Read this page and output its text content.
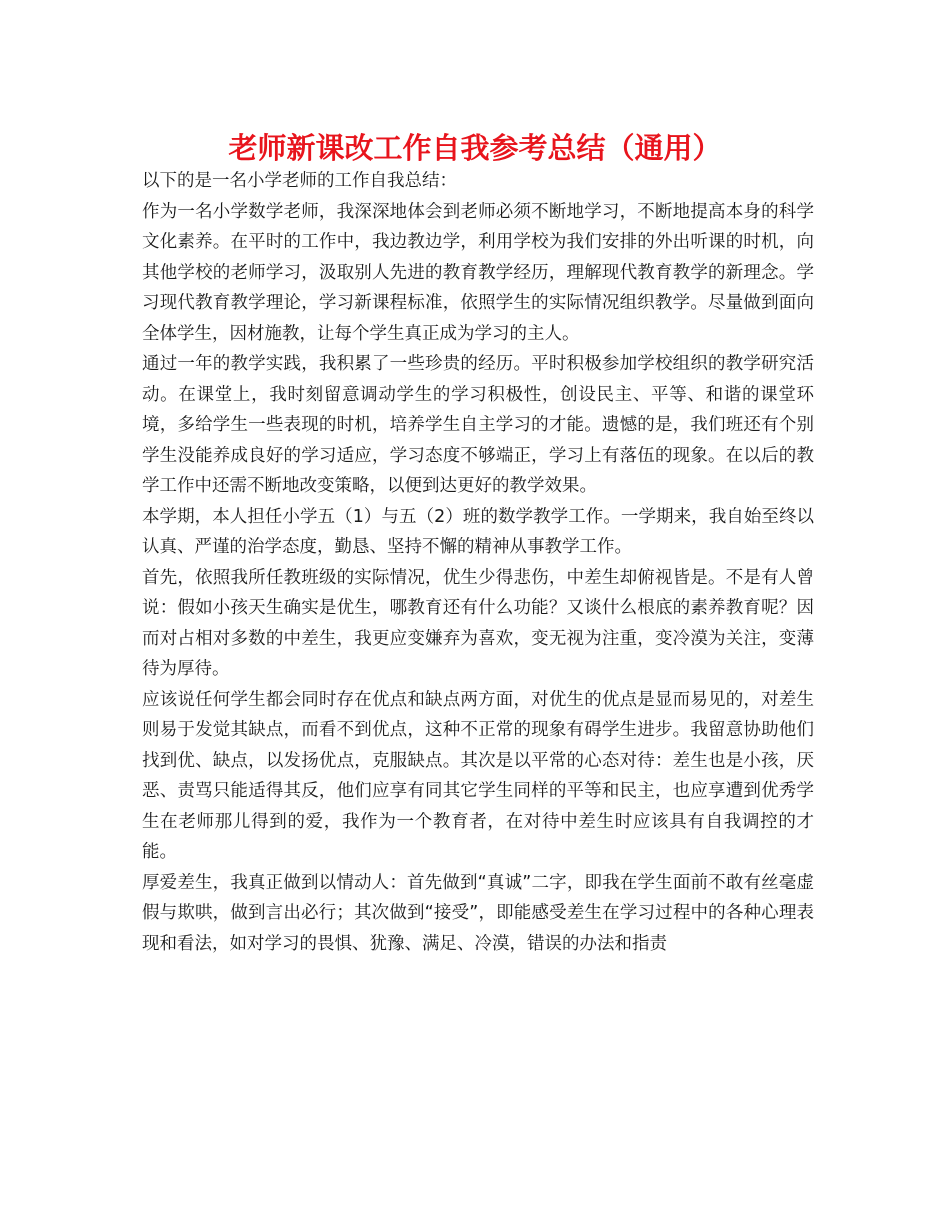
老师新课改工作自我参考总结（通用）

以下的是一名小学老师的工作自我总结：

作为一名小学数学老师，我深深地体会到老师必须不断地学习，不断地提高本身的科学文化素养。在平时的工作中，我边教边学，利用学校为我们安排的外出听课的时机，向其他学校的老师学习，汲取别人先进的教育教学经历，理解现代教育教学的新理念。学习现代教育教学理论，学习新课程标准，依照学生的实际情况组织教学。尽量做到面向全体学生，因材施教，让每个学生真正成为学习的主人。

通过一年的教学实践，我积累了一些珍贵的经历。平时积极参加学校组织的教学研究活动。在课堂上，我时刻留意调动学生的学习积极性，创设民主、平等、和谐的课堂环境，多给学生一些表现的时机，培养学生自主学习的才能。遗憾的是，我们班还有个别学生没能养成良好的学习适应，学习态度不够端正，学习上有落伍的现象。在以后的教学工作中还需不断地改变策略，以便到达更好的教学效果。

本学期，本人担任小学五（1）与五（2）班的数学教学工作。一学期来，我自始至终以认真、严谨的治学态度，勤恳、坚持不懈的精神从事教学工作。

首先，依照我所任教班级的实际情况，优生少得悲伤，中差生却俯视皆是。不是有人曾说：假如小孩天生确实是优生，哪教育还有什么功能？又谈什么根底的素养教育呢？因而对占相对多数的中差生，我更应变嫌弃为喜欢，变无视为注重，变冷漠为关注，变薄待为厚待。

应该说任何学生都会同时存在优点和缺点两方面，对优生的优点是显而易见的，对差生则易于发觉其缺点，而看不到优点，这种不正常的现象有碍学生进步。我留意协助他们找到优、缺点，以发扬优点，克服缺点。其次是以平常的心态对待：差生也是小孩，厌恶、责骂只能适得其反，他们应享有同其它学生同样的平等和民主，也应享遭到优秀学生在老师那儿得到的爱，我作为一个教育者，在对待中差生时应该具有自我调控的才能。

厚爱差生，我真正做到以情动人：首先做到“真诚”二字，即我在学生面前不敢有丝毫虚假与欺哄，做到言出必行；其次做到“接受”，即能感受差生在学习过程中的各种心理表现和看法，如对学习的畏惧、犹豫、满足、冷漠，错误的办法和指责
